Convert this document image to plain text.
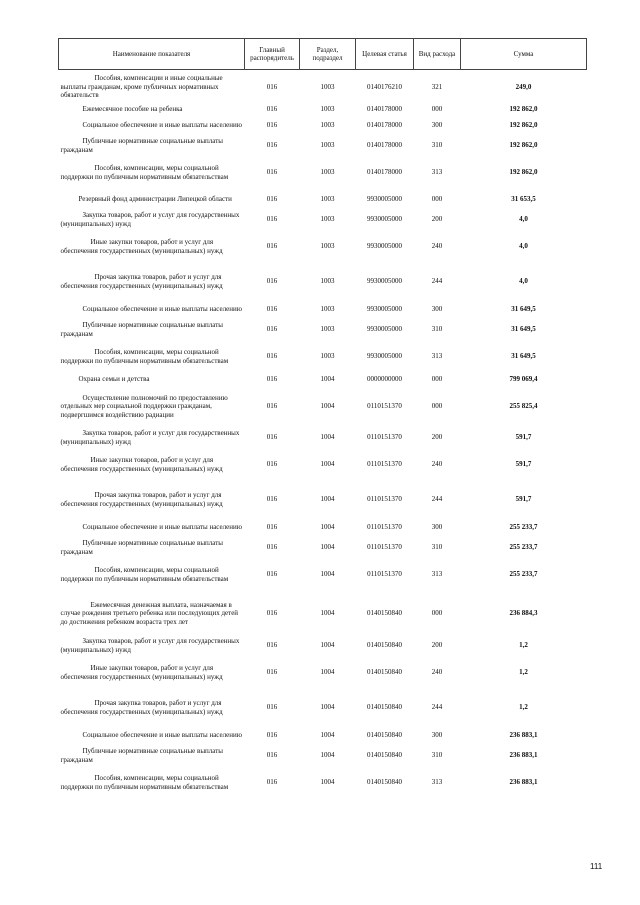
Наименование показателя	Главный распорядитель	Раздел, подраздел	Целевая статья	Вид расхода	Сумма
Пособия, компенсации и иные социальные выплаты гражданам, кроме публичных нормативных обязательств	016	1003	0140176210	321	249,0
Ежемесячное пособие на ребенка	016	1003	0140178000	000	192 862,0
Социальное обеспечение и иные выплаты населению	016	1003	0140178000	300	192 862,0
Публичные нормативные социальные выплаты гражданам	016	1003	0140178000	310	192 862,0
Пособия, компенсации, меры социальной поддержки по публичным нормативным обязательствам	016	1003	0140178000	313	192 862,0
Резервный фонд администрации Липецкой области	016	1003	9930005000	000	31 653,5
Закупка товаров, работ и услуг для государственных (муниципальных) нужд	016	1003	9930005000	200	4,0
Иные закупки товаров, работ и услуг для обеспечения государственных (муниципальных) нужд	016	1003	9930005000	240	4,0
Прочая закупка товаров, работ и услуг для обеспечения государственных (муниципальных) нужд	016	1003	9930005000	244	4,0
Социальное обеспечение и иные выплаты населению	016	1003	9930005000	300	31 649,5
Публичные нормативные социальные выплаты гражданам	016	1003	9930005000	310	31 649,5
Пособия, компенсации, меры социальной поддержки по публичным нормативным обязательствам	016	1003	9930005000	313	31 649,5
Охрана семьи и детства	016	1004	0000000000	000	799 069,4
Осуществление полномочий по предоставлению отдельных мер социальной поддержки гражданам, подвергшимся воздействию радиации	016	1004	0110151370	000	255 825,4
Закупка товаров, работ и услуг для государственных (муниципальных) нужд	016	1004	0110151370	200	591,7
Иные закупки товаров, работ и услуг для обеспечения государственных (муниципальных) нужд	016	1004	0110151370	240	591,7
Прочая закупка товаров, работ и услуг для обеспечения государственных (муниципальных) нужд	016	1004	0110151370	244	591,7
Социальное обеспечение и иные выплаты населению	016	1004	0110151370	300	255 233,7
Публичные нормативные социальные выплаты гражданам	016	1004	0110151370	310	255 233,7
Пособия, компенсации, меры социальной поддержки по публичным нормативным обязательствам	016	1004	0110151370	313	255 233,7
Ежемесячная денежная выплата, назначаемая в случае рождения третьего ребенка или последующих детей до достижения ребенком возраста трех лет	016	1004	0140150840	000	236 884,3
Закупка товаров, работ и услуг для государственных (муниципальных) нужд	016	1004	0140150840	200	1,2
Иные закупки товаров, работ и услуг для обеспечения государственных (муниципальных) нужд	016	1004	0140150840	240	1,2
Прочая закупка товаров, работ и услуг для обеспечения государственных (муниципальных) нужд	016	1004	0140150840	244	1,2
Социальное обеспечение и иные выплаты населению	016	1004	0140150840	300	236 883,1
Публичные нормативные социальные выплаты гражданам	016	1004	0140150840	310	236 883,1
Пособия, компенсации, меры социальной поддержки по публичным нормативным обязательствам	016	1004	0140150840	313	236 883,1
111
